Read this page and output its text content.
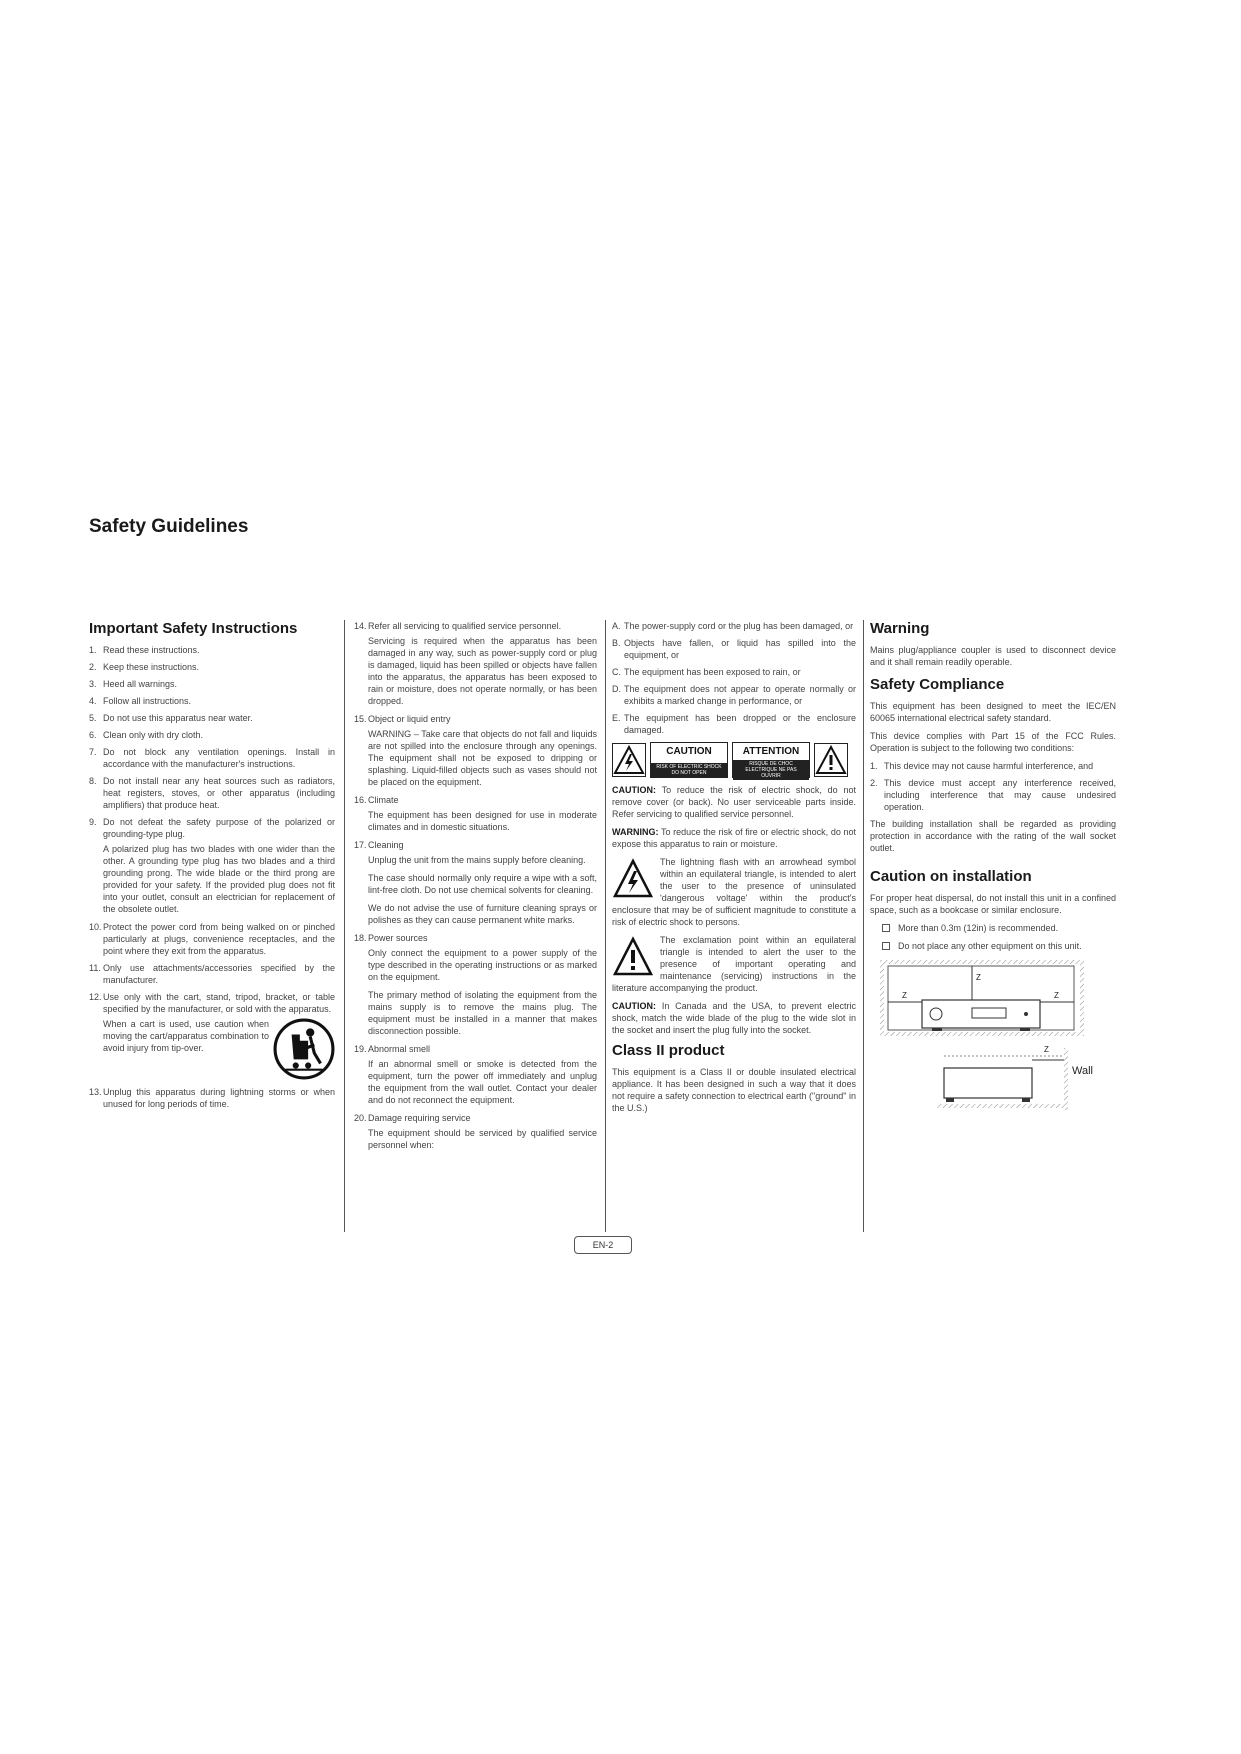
Safety Guidelines
Important Safety Instructions
1. Read these instructions.
2. Keep these instructions.
3. Heed all warnings.
4. Follow all instructions.
5. Do not use this apparatus near water.
6. Clean only with dry cloth.
7. Do not block any ventilation openings. Install in accordance with the manufacturer's instructions.
8. Do not install near any heat sources such as radiators, heat registers, stoves, or other apparatus (including amplifiers) that produce heat.
9. Do not defeat the safety purpose of the polarized or grounding-type plug.
A polarized plug has two blades with one wider than the other. A grounding type plug has two blades and a third grounding prong. The wide blade or the third prong are provided for your safety. If the provided plug does not fit into your outlet, consult an electrician for replacement of the obsolete outlet.
10. Protect the power cord from being walked on or pinched particularly at plugs, convenience receptacles, and the point where they exit from the apparatus.
11. Only use attachments/accessories specified by the manufacturer.
12. Use only with the cart, stand, tripod, bracket, or table specified by the manufacturer, or sold with the apparatus.
When a cart is used, use caution when moving the cart/apparatus combination to avoid injury from tip-over.
13. Unplug this apparatus during lightning storms or when unused for long periods of time.
14. Refer all servicing to qualified service personnel.

Servicing is required when the apparatus has been damaged in any way, such as power-supply cord or plug is damaged, liquid has been spilled or objects have fallen into the apparatus, the apparatus has been exposed to rain or moisture, does not operate normally, or has been dropped.

15. Object or liquid entry

WARNING – Take care that objects do not fall and liquids are not spilled into the enclosure through any openings. The equipment shall not be exposed to dripping or splashing. Liquid-filled objects such as vases should not be placed on the equipment.

16. Climate

The equipment has been designed for use in moderate climates and in domestic situations.

17. Cleaning

Unplug the unit from the mains supply before cleaning.

The case should normally only require a wipe with a soft, lint-free cloth. Do not use chemical solvents for cleaning.

We do not advise the use of furniture cleaning sprays or polishes as they can cause permanent white marks.

18. Power sources

Only connect the equipment to a power supply of the type described in the operating instructions or as marked on the equipment.

The primary method of isolating the equipment from the mains supply is to remove the mains plug. The equipment must be installed in a manner that makes disconnection possible.

19. Abnormal smell

If an abnormal smell or smoke is detected from the equipment, turn the power off immediately and unplug the equipment from the wall outlet. Contact your dealer and do not reconnect the equipment.

20. Damage requiring service

The equipment should be serviced by qualified service personnel when:

A. The power-supply cord or the plug has been damaged, or
B. Objects have fallen, or liquid has spilled into the equipment, or
C. The equipment has been exposed to rain, or
D. The equipment does not appear to operate normally or exhibits a marked change in performance, or
E. The equipment has been dropped or the enclosure damaged.
CAUTION
RISK OF ELECTRIC SHOCK DO NOT OPEN
ATTENTION
RISQUE DE CHOC ELECTRIQUE NE PAS OUVRIR

CAUTION: To reduce the risk of electric shock, do not remove cover (or back). No user serviceable parts inside. Refer servicing to qualified service personnel.

WARNING: To reduce the risk of fire or electric shock, do not expose this apparatus to rain or moisture.

The lightning flash with an arrowhead symbol within an equilateral triangle, is intended to alert the user to the presence of uninsulated 'dangerous voltage' within the product's enclosure that may be of sufficient magnitude to constitute a risk of electric shock to persons.

The exclamation point within an equilateral triangle is intended to alert the user to the presence of important operating and maintenance (servicing) instructions in the literature accompanying the product.

CAUTION: In Canada and the USA, to prevent electric shock, match the wide blade of the plug to the wide slot in the socket and insert the plug fully into the socket.

Class II product

This equipment is a Class II or double insulated electrical appliance. It has been designed in such a way that it does not require a safety connection to electrical earth ("ground" in the U.S.)

Warning

Mains plug/appliance coupler is used to disconnect device and it shall remain readily operable.

Safety Compliance

This equipment has been designed to meet the IEC/EN 60065 international electrical safety standard.

This device complies with Part 15 of the FCC Rules. Operation is subject to the following two conditions:

1. This device may not cause harmful interference, and
2. This device must accept any interference received, including interference that may cause undesired operation.

The building installation shall be regarded as providing protection in accordance with the rating of the wall socket outlet.

Caution on installation

For proper heat dispersal, do not install this unit in a confined space, such as a bookcase or similar enclosure.

More than 0.3m (12in) is recommended.
Do not place any other equipment on this unit.
Z	Z
Z
Z
Wall
EN-2
